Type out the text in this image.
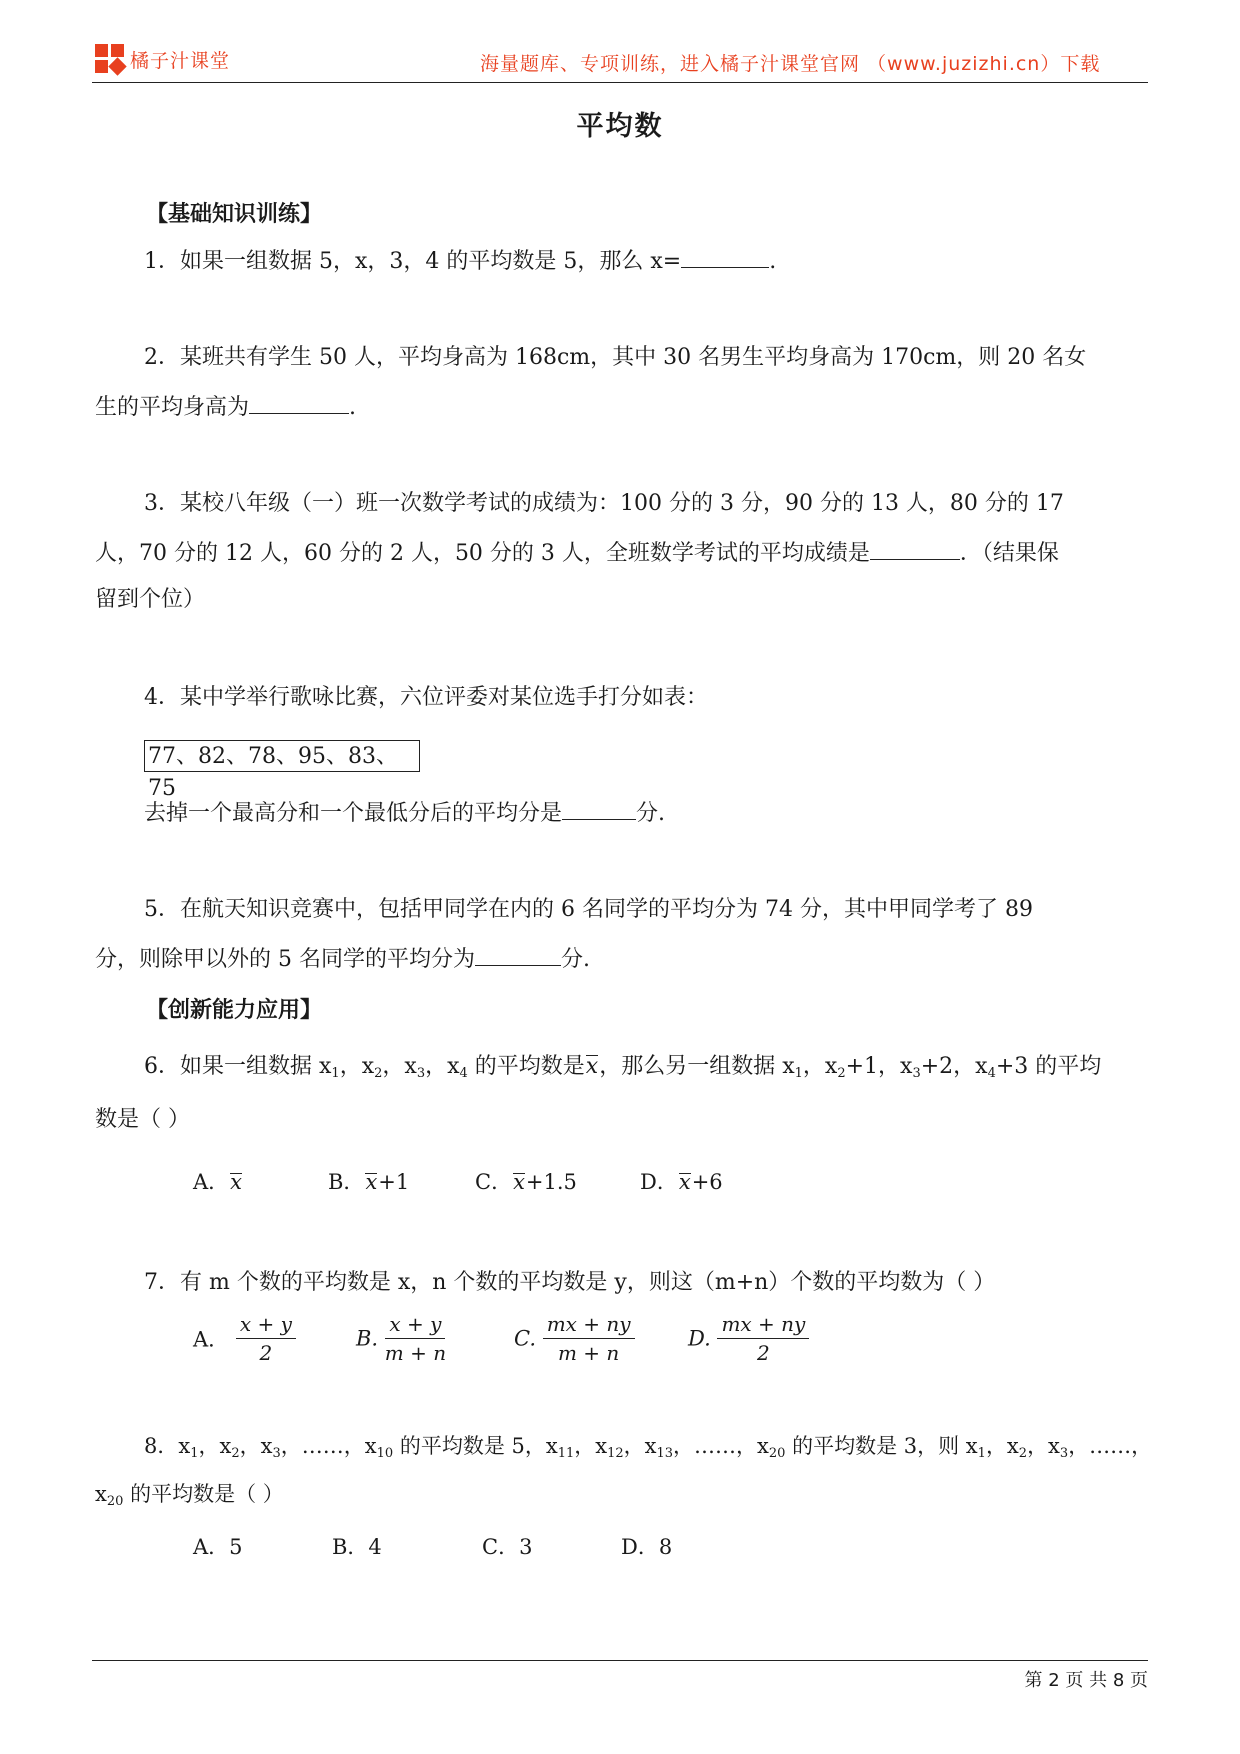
橘子汁课堂	海量题库、专项训练，进入橘子汁课堂官网 （www.juzizhi.cn）下载
平均数
【基础知识训练】
1．如果一组数据 5，x，3，4 的平均数是 5，那么 x=	.
2．某班共有学生 50 人，平均身高为 168cm，其中 30 名男生平均身高为 170cm，则 20 名女
生的平均身高为	.
3．某校八年级（一）班一次数学考试的成绩为：100 分的 3 分，90 分的 13 人，80 分的 17
人，70 分的 12 人，60 分的 2 人，50 分的 3 人，全班数学考试的平均成绩是	．（结果保
留到个位）
4．某中学举行歌咏比赛，六位评委对某位选手打分如表：
77、82、78、95、83、75
去掉一个最高分和一个最低分后的平均分是	分.
5．在航天知识竞赛中，包括甲同学在内的 6 名同学的平均分为 74 分，其中甲同学考了 89
分，则除甲以外的 5 名同学的平均分为	分.
【创新能力应用】
6．如果一组数据 $x_1$，$x_2$，$x_3$，$x_4$ 的平均数是x，那么另一组数据 $x_1$，$x_2+1$，$x_3+2$，$x_4+3$ 的平均
数是（ ）
A．x	B．x+1	C．x+1.5	D．x+6
7．有 m 个数的平均数是 x，n 个数的平均数是 y，则这（m+n）个数的平均数为（ ）
A． $\frac{x + y}{2}$	B. $\frac{x + y}{m + n}$	C. $\frac{mx + ny}{m + n}$	D. $\frac{mx + ny}{2}$
8．$x_1$，$x_2$，$x_3$，……，$x_{10}$ 的平均数是 5，$x_{11}$，$x_{12}$，$x_{13}$，……，$x_{20}$ 的平均数是 3，则 $x_1$，$x_2$，$x_3$，……，
$x_{20}$ 的平均数是（ ）
A．5	B．4	C．3	D．8
第 2 页 共 8 页
